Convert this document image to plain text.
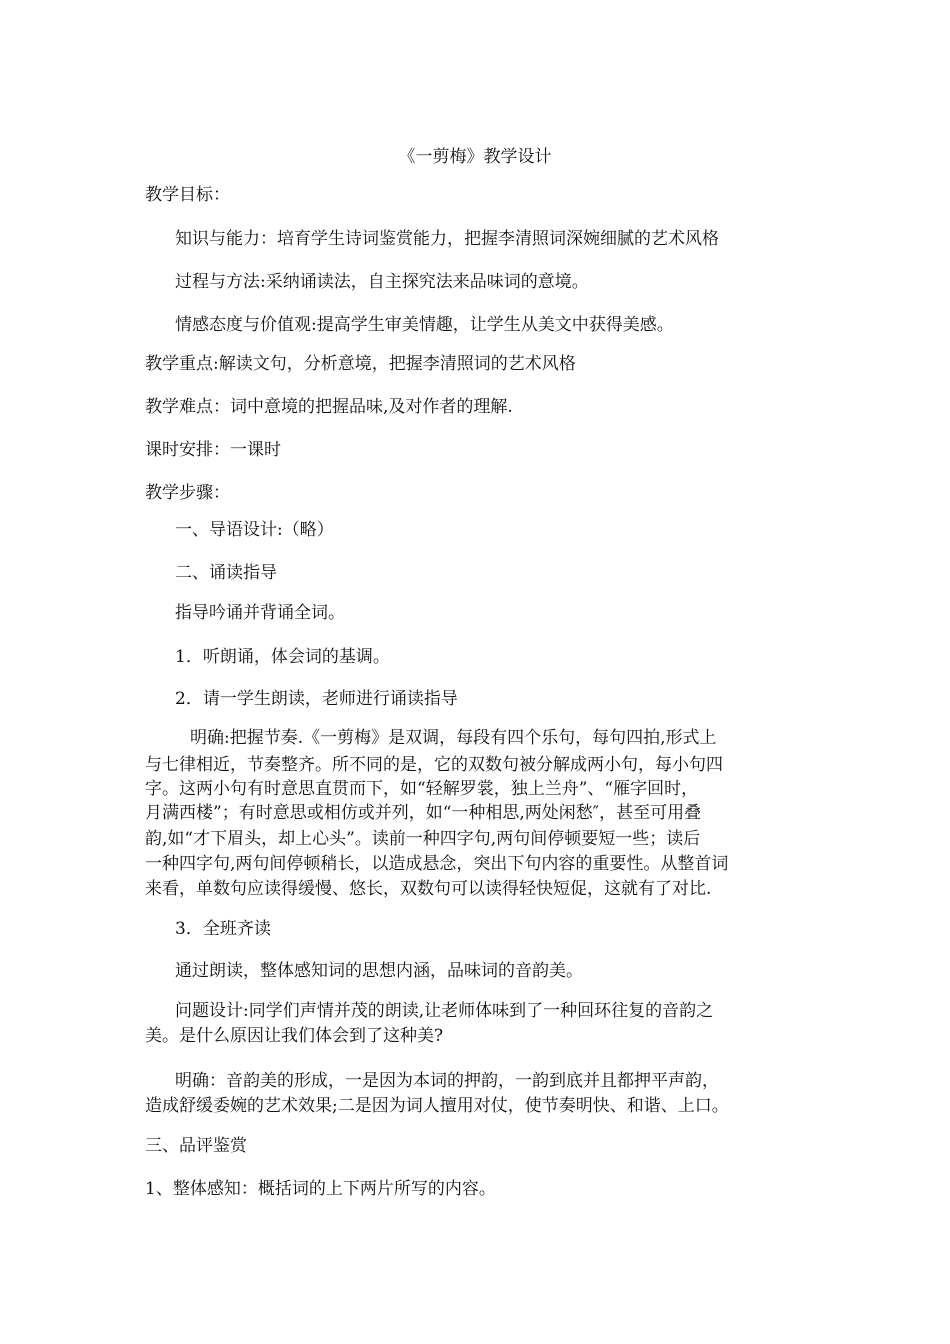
《一剪梅》教学设计
教学目标：
知识与能力：培育学生诗词鉴赏能力，把握李清照词深婉细腻的艺术风格
过程与方法:采纳诵读法，自主探究法来品味词的意境。
情感态度与价值观:提高学生审美情趣，让学生从美文中获得美感。
教学重点:解读文句，分析意境，把握李清照词的艺术风格
教学难点：词中意境的把握品味,及对作者的理解.
课时安排：一课时
教学步骤：
一、导语设计:（略）
二、诵读指导
指导吟诵并背诵全词。
1．听朗诵，体会词的基调。
2．请一学生朗读，老师进行诵读指导
明确:把握节奏.《一剪梅》是双调，每段有四个乐句，每句四拍,形式上
与七律相近，节奏整齐。所不同的是，它的双数句被分解成两小句，每小句四
字。这两小句有时意思直贯而下，如“轻解罗裳，独上兰舟”、“雁字回时，
月满西楼”；有时意思或相仿或并列，如“一种相思,两处闲愁″，甚至可用叠
韵,如“才下眉头，却上心头”。读前一种四字句,两句间停顿要短一些；读后
一种四字句,两句间停顿稍长，以造成悬念，突出下句内容的重要性。从整首词
来看，单数句应读得缓慢、悠长，双数句可以读得轻快短促，这就有了对比.
3．全班齐读
通过朗读，整体感知词的思想内涵，品味词的音韵美。
问题设计:同学们声情并茂的朗读,让老师体味到了一种回环往复的音韵之
美。是什么原因让我们体会到了这种美?
明确：音韵美的形成，一是因为本词的押韵，一韵到底并且都押平声韵，
造成舒缓委婉的艺术效果;二是因为词人擅用对仗，使节奏明快、和谐、上口。
三、品评鉴赏
1、整体感知：概括词的上下两片所写的内容。
